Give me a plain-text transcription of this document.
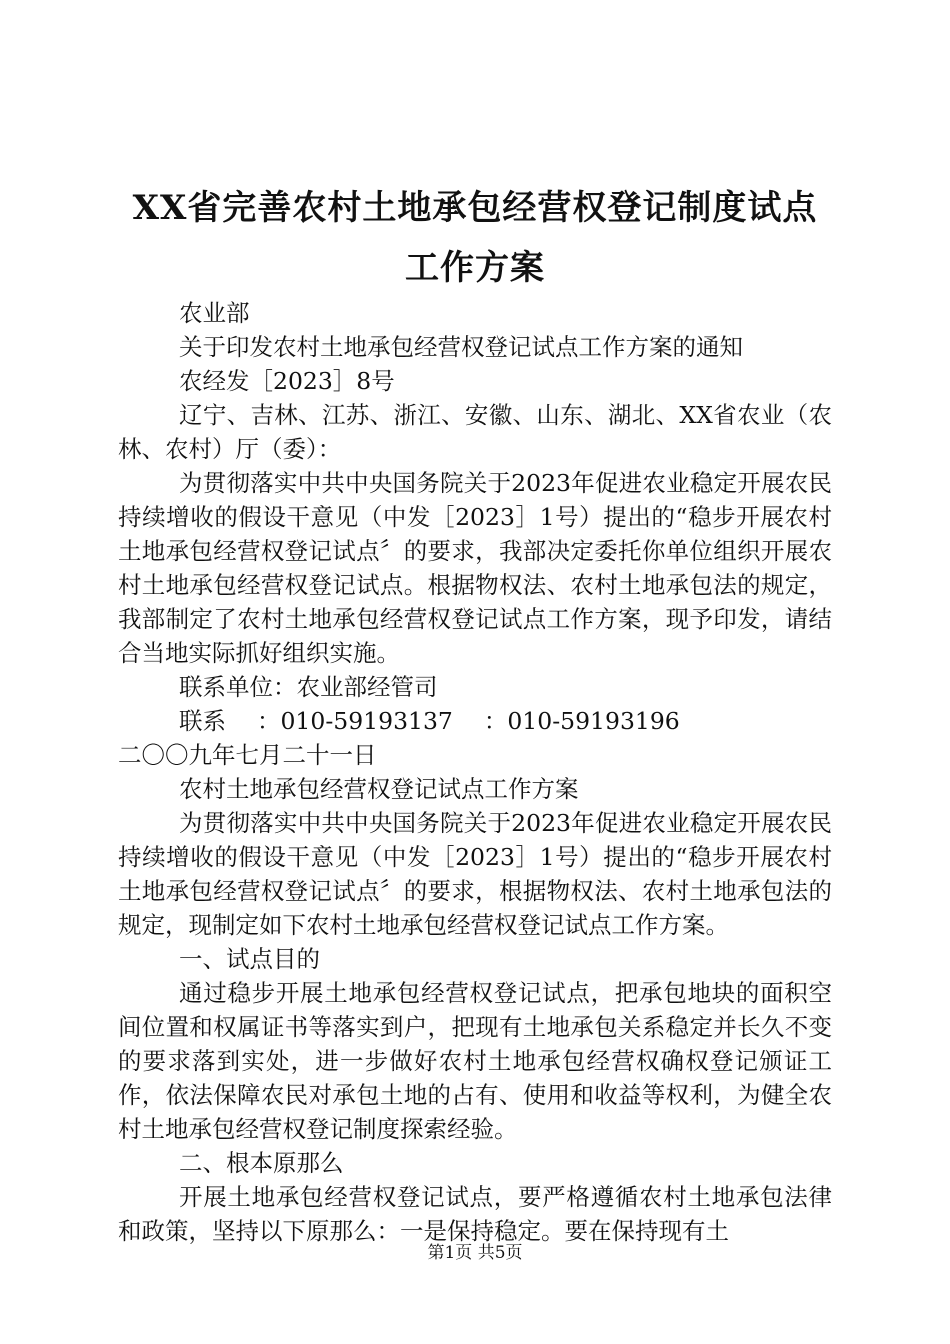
XX省完善农村土地承包经营权登记制度试点
工作方案

农业部

关于印发农村土地承包经营权登记试点工作方案的通知

农经发［2023］8号

辽宁、吉林、江苏、浙江、安徽、山东、湖北、XX省农业（农林、农村）厅（委）：

为贯彻落实中共中央国务院关于2023年促进农业稳定开展农民持续增收的假设干意见（中发［2023］1号）提出的“稳步开展农村土地承包经营权登记试点〞的要求，我部决定委托你单位组织开展农村土地承包经营权登记试点。根据物权法、农村土地承包法的规定，我部制定了农村土地承包经营权登记试点工作方案，现予印发，请结合当地实际抓好组织实施。

联系单位：农业部经管司

联系　 ：010-59193137　 ：010-59193196

二〇〇九年七月二十一日

农村土地承包经营权登记试点工作方案

为贯彻落实中共中央国务院关于2023年促进农业稳定开展农民持续增收的假设干意见（中发［2023］1号）提出的“稳步开展农村土地承包经营权登记试点〞的要求，根据物权法、农村土地承包法的规定，现制定如下农村土地承包经营权登记试点工作方案。

一、试点目的

通过稳步开展土地承包经营权登记试点，把承包地块的面积空间位置和权属证书等落实到户，把现有土地承包关系稳定并长久不变的要求落到实处，进一步做好农村土地承包经营权确权登记颁证工作，依法保障农民对承包土地的占有、使用和收益等权利，为健全农村土地承包经营权登记制度探索经验。

二、根本原那么

开展土地承包经营权登记试点，要严格遵循农村土地承包法律和政策，坚持以下原那么：一是保持稳定。要在保持现有土

第1页 共5页
